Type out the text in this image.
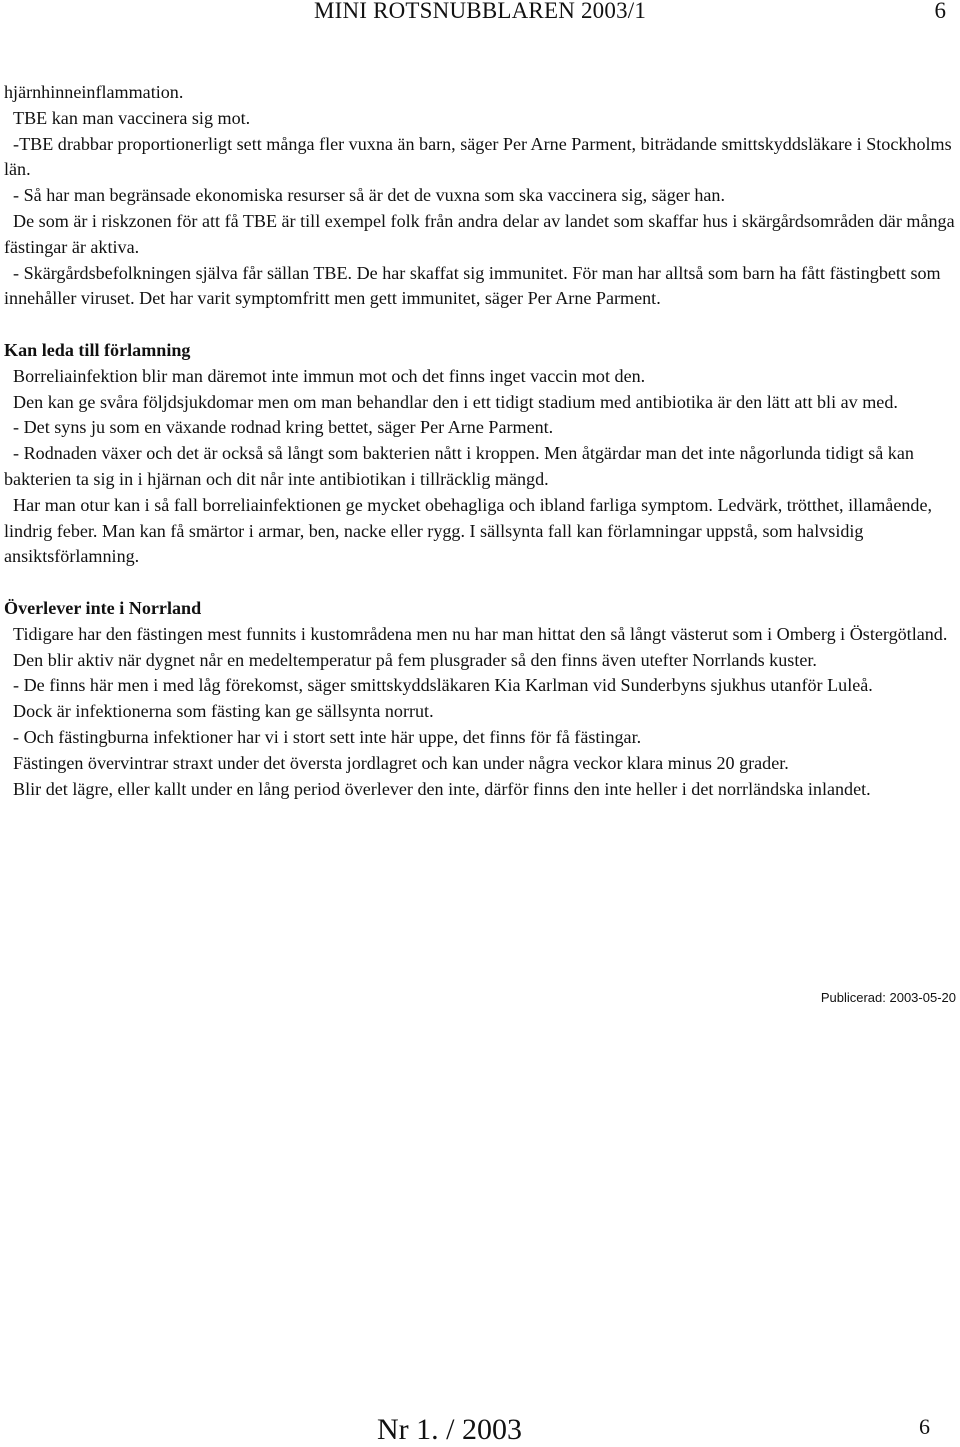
MINI ROTSNUBBLAREN 2003/1	6

hjärnhinneinflammation.

TBE kan man vaccinera sig mot.

-TBE drabbar proportionerligt sett många fler vuxna än barn, säger Per Arne Parment, biträdande smittskyddsläkare i Stockholms län.

- Så har man begränsade ekonomiska resurser så är det de vuxna som ska vaccinera sig, säger han.

De som är i riskzonen för att få TBE är till exempel folk från andra delar av landet som skaffar hus i skärgårdsområden där många fästingar är aktiva.

- Skärgårdsbefolkningen själva får sällan TBE. De har skaffat sig immunitet. För man har alltså som barn ha fått fästingbett som innehåller viruset. Det har varit symptomfritt men gett immunitet, säger Per Arne Parment.

Kan leda till förlamning

Borreliainfektion blir man däremot inte immun mot och det finns inget vaccin mot den.

Den kan ge svåra följdsjukdomar men om man behandlar den i ett tidigt stadium med antibiotika är den lätt att bli av med.

- Det syns ju som en växande rodnad kring bettet, säger Per Arne Parment.

- Rodnaden växer och det är också så långt som bakterien nått i kroppen. Men åtgärdar man det inte någorlunda tidigt så kan bakterien ta sig in i hjärnan och dit når inte antibiotikan i tillräcklig mängd.

Har man otur kan i så fall borreliainfektionen ge mycket obehagliga och ibland farliga symptom. Ledvärk, trötthet, illamående, lindrig feber. Man kan få smärtor i armar, ben, nacke eller rygg. I sällsynta fall kan förlamningar uppstå, som halvsidig ansiktsförlamning.

Överlever inte i Norrland

Tidigare har den fästingen mest funnits i kustområdena men nu har man hittat den så långt västerut som i Omberg i Östergötland.

Den blir aktiv när dygnet når en medeltemperatur på fem plusgrader så den finns även utefter Norrlands kuster.

- De finns här men i med låg förekomst, säger smittskyddsläkaren Kia Karlman vid Sunderbyns sjukhus utanför Luleå.

Dock är infektionerna som fästing kan ge sällsynta norrut.

- Och fästingburna infektioner har vi i stort sett inte här uppe, det finns för få fästingar.

Fästingen övervintrar straxt under det översta jordlagret och kan under några veckor klara minus 20 grader.

Blir det lägre, eller kallt under en lång period överlever den inte, därför finns den inte heller i det norrländska inlandet.

Publicerad: 2003-05-20
Nr 1. / 2003	6
